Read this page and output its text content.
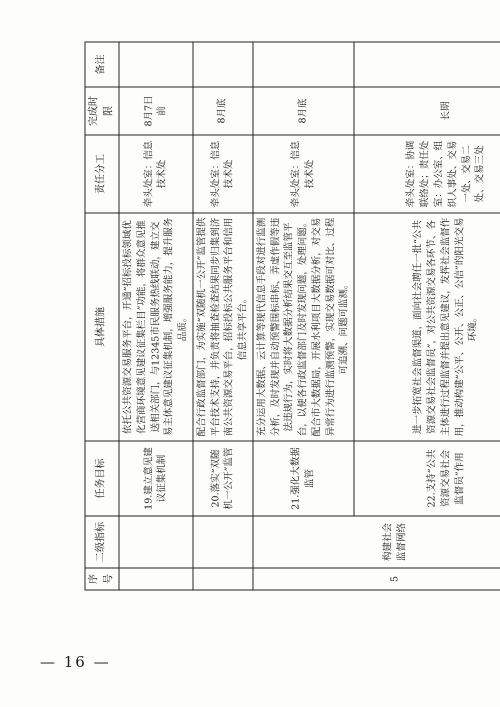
序号	二级指标	任务目标	具体措施	责任分工	完成时限	备注
		19.建立意见建议征集机制	依托公共资源交易服务平台，开通“招标投标领域优化营商环境意见建议征集栏目”功能，将群众意见推送相关部门，与12345市民服务热线联动，建立交易主体意见建议征集机制，增强服务能力，提升服务品质。	牵头处室：信息技术处	8月7日前	
		20.落实“双随机一公开”监管	配合行政监督部门，为实施“双随机一公开”监管提供平台技术支持，并负责将抽查检查结果同步归集到济南公共资源交易平台，招标投标公共服务平台和信用信息共享平台。	牵头处室：信息技术处	8月底	
5	构建社会监督网络	21.强化大数据监管	充分运用大数据、云计算等现代信息手段对进行监测分析，及时发现并自动预警围标串标、弄虚作假等违法违规行为，实时将大数据分析结果交互至监管平台，以便各行政监督部门及时发现问题，处理问题。配合市大数据局，开展水利项目大数据分析，对交易异常行为进行监测预警，实现交易数据可对比、过程可追溯、问题可监测。	牵头处室：信息技术处	8月底	
		22.支持“公共资源交易社会监督员”作用	进一步拓宽社会监督渠道，面向社会聘任一批“公共资源交易社会监督员”，对公共资源交易各环节、各主体进行过程监督并提出意见建议，发挥社会监督作用，推动构建“公平、公开、公正、公信”的阳光交易环境。	牵头处室：协调联络处；责任处室：办公室、组织人事处、交易一处、交易二处、交易三处	长期	
— 16 —
